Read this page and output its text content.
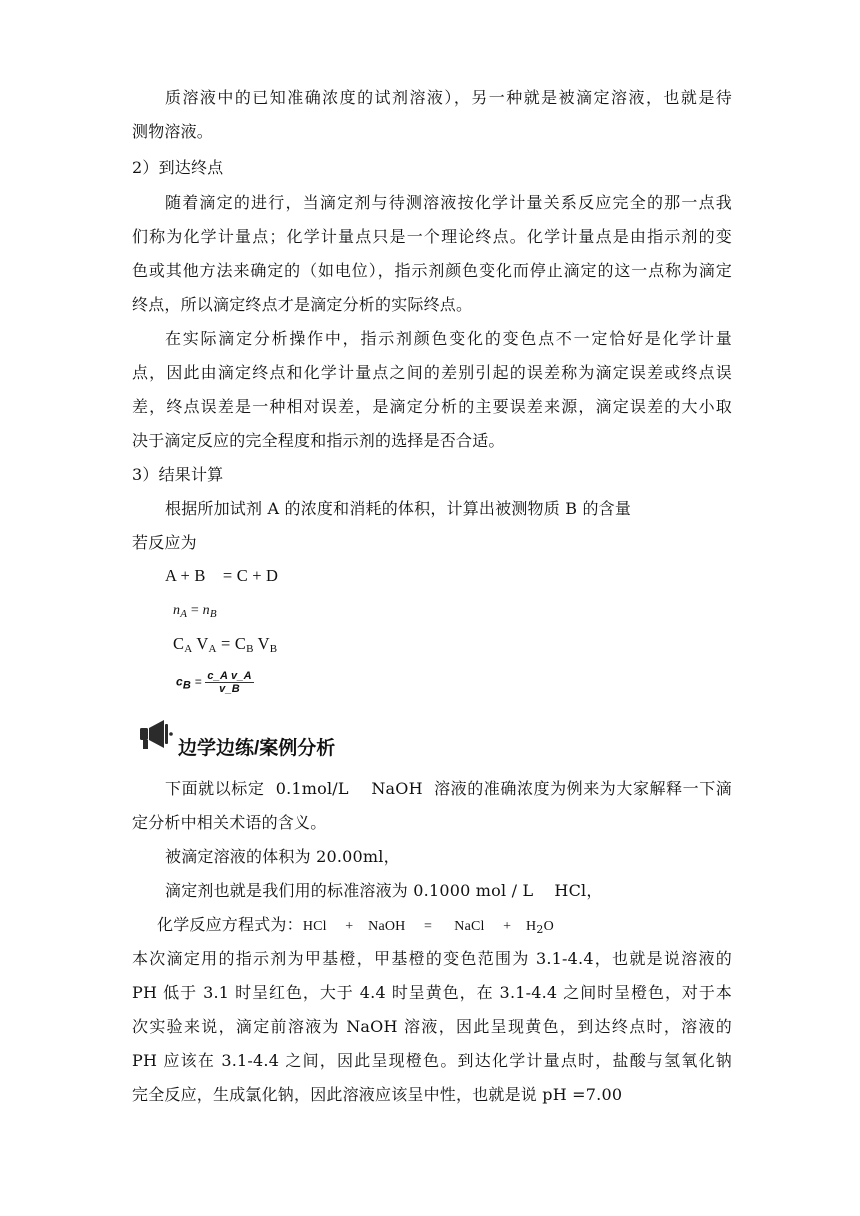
质溶液中的已知准确浓度的试剂溶液），另一种就是被滴定溶液，也就是待
测物溶液。
2）到达终点
随着滴定的进行，当滴定剂与待测溶液按化学计量关系反应完全的那一点我
们称为化学计量点；化学计量点只是一个理论终点。化学计量点是由指示剂的变
色或其他方法来确定的（如电位），指示剂颜色变化而停止滴定的这一点称为滴定
终点，所以滴定终点才是滴定分析的实际终点。
在实际滴定分析操作中，指示剂颜色变化的变色点不一定恰好是化学计量
点，因此由滴定终点和化学计量点之间的差别引起的误差称为滴定误差或终点误
差，终点误差是一种相对误差，是滴定分析的主要误差来源，滴定误差的大小取
决于滴定反应的完全程度和指示剂的选择是否合适。
3）结果计算
根据所加试剂 A 的浓度和消耗的体积，计算出被测物质 B 的含量
若反应为
A + B    = C + D
$n_A = n_B$
$C_A$ $V_A = C_B$ $V_B$
cB = $\frac{\text{c\_A v\_A}}{v\_B}$
边学边练/案例分析
下面就以标定  0.1mol/L    NaOH  溶液的准确浓度为例来为大家解释一下滴
定分析中相关术语的含义。
被滴定溶液的体积为 20.00ml，
滴定剂也就是我们用的标准溶液为 0.1000 mol / L    HCl，
化学反应方程式为：HCl     +    NaOH     =      NaCl     +    $H_2O$
本次滴定用的指示剂为甲基橙，甲基橙的变色范围为 3.1-4.4，也就是说溶液的
PH 低于 3.1 时呈红色，大于 4.4 时呈黄色，在 3.1-4.4 之间时呈橙色，对于本
次实验来说，滴定前溶液为 NaOH 溶液，因此呈现黄色，到达终点时，溶液的
PH 应该在 3.1-4.4 之间，因此呈现橙色。到达化学计量点时，盐酸与氢氧化钠
完全反应，生成氯化钠，因此溶液应该呈中性，也就是说 pH =7.00
